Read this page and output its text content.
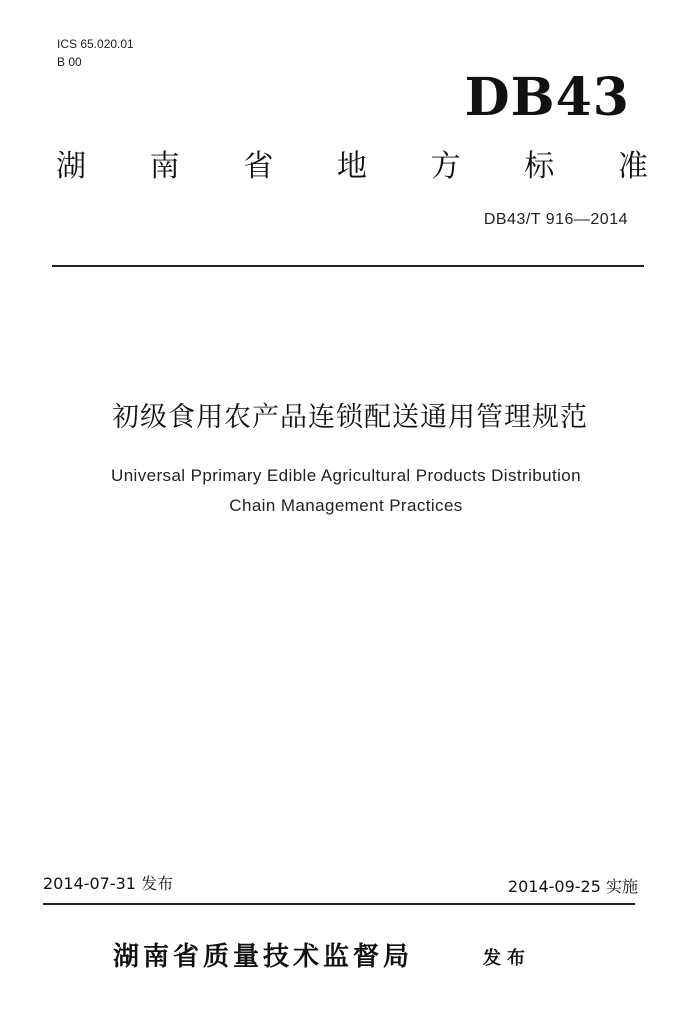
ICS 65.020.01
B 00
DB43
湖 南 省 地 方 标 准
DB43/T 916—2014
初级食用农产品连锁配送通用管理规范
Universal Pprimary Edible Agricultural Products Distribution
Chain Management Practices
2014-07-31 发布	2014-09-25 实施
湖南省质量技术监督局	发布
